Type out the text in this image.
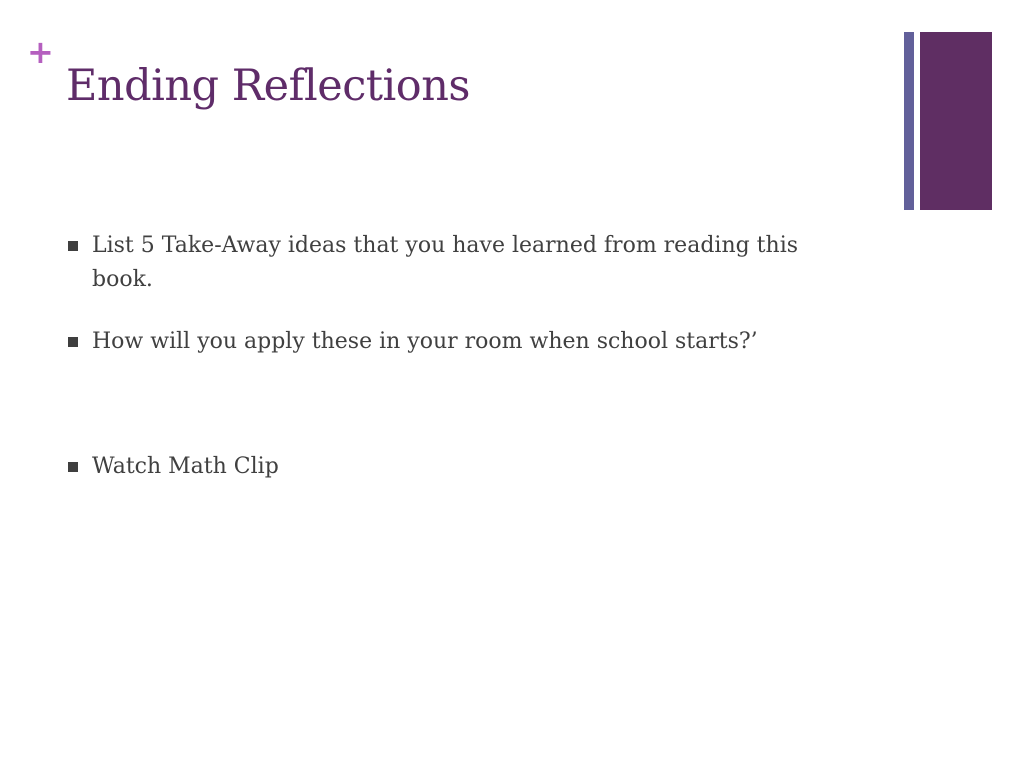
+
Ending Reflections
List 5 Take-Away ideas that you have learned from reading this book.
How will you apply these in your room when school starts?’
Watch Math Clip
